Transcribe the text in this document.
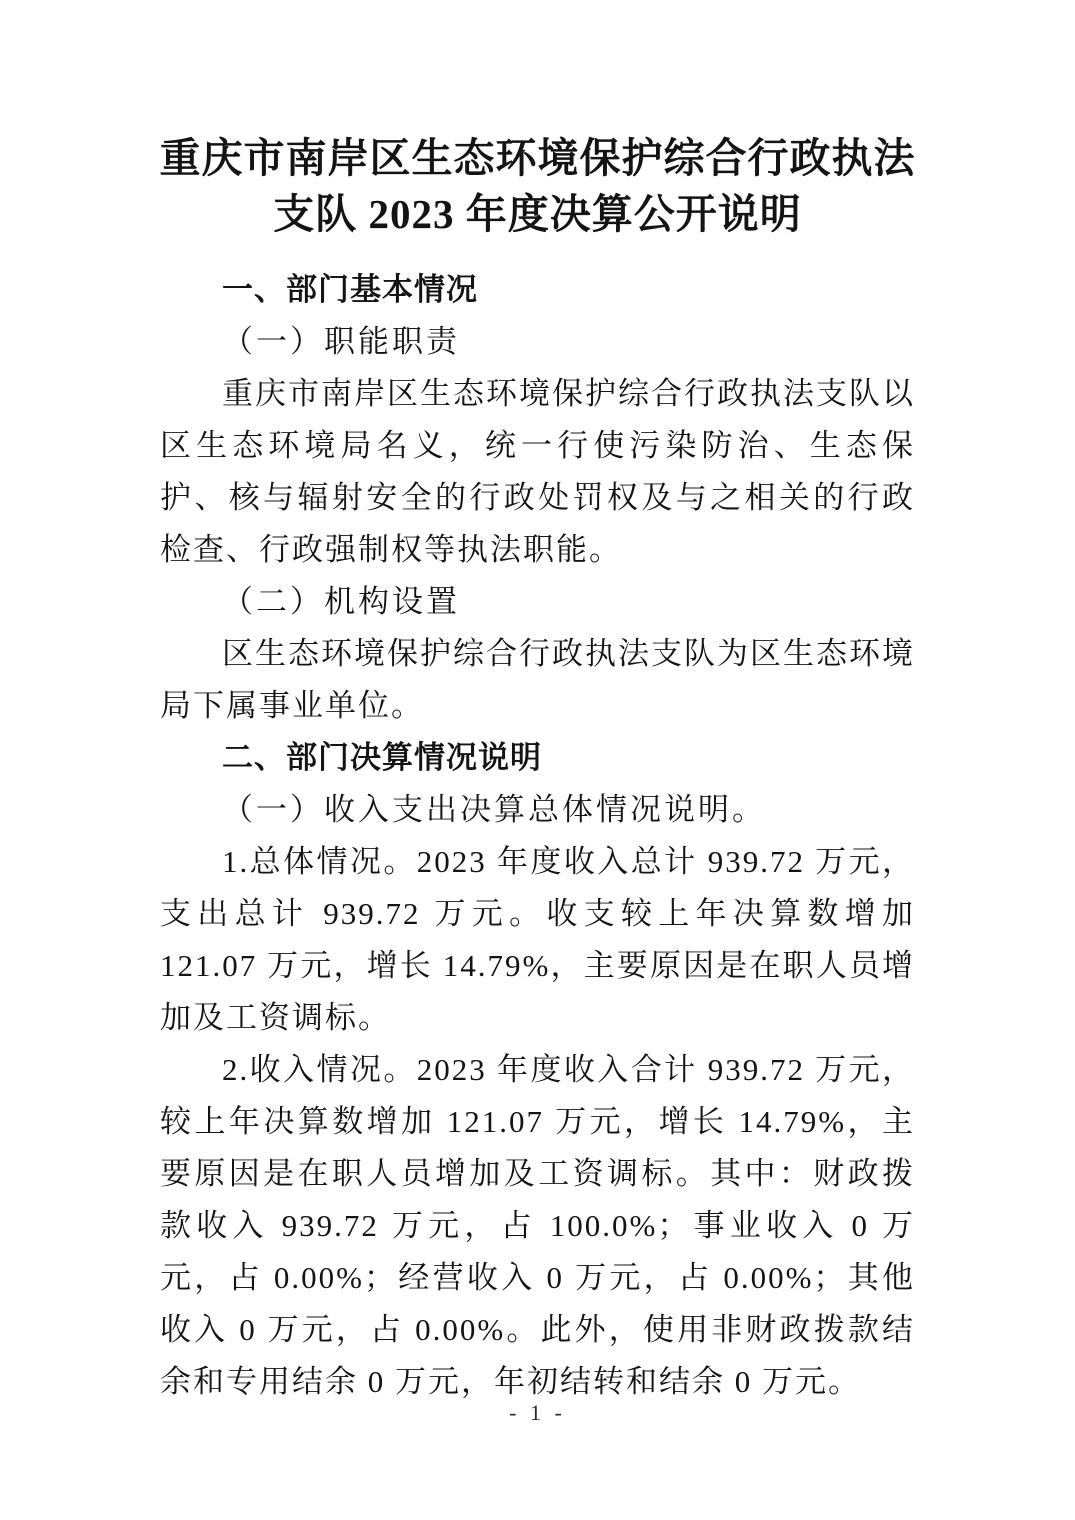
重庆市南岸区生态环境保护综合行政执法
支队 2023 年度决算公开说明
一、部门基本情况
（一）职能职责
重庆市南岸区生态环境保护综合行政执法支队以区生态环境局名义，统一行使污染防治、生态保护、核与辐射安全的行政处罚权及与之相关的行政检查、行政强制权等执法职能。
（二）机构设置
区生态环境保护综合行政执法支队为区生态环境局下属事业单位。
二、部门决算情况说明
（一）收入支出决算总体情况说明。
1.总体情况。2023 年度收入总计 939.72 万元，支出总计 939.72 万元。收支较上年决算数增加 121.07 万元，增长 14.79%，主要原因是在职人员增加及工资调标。
2.收入情况。2023 年度收入合计 939.72 万元，较上年决算数增加 121.07 万元，增长 14.79%，主要原因是在职人员增加及工资调标。其中：财政拨款收入 939.72 万元，占 100.0%；事业收入 0 万元，占 0.00%；经营收入 0 万元，占 0.00%；其他收入 0 万元，占 0.00%。此外，使用非财政拨款结余和专用结余 0 万元，年初结转和结余 0 万元。
- 1 -
